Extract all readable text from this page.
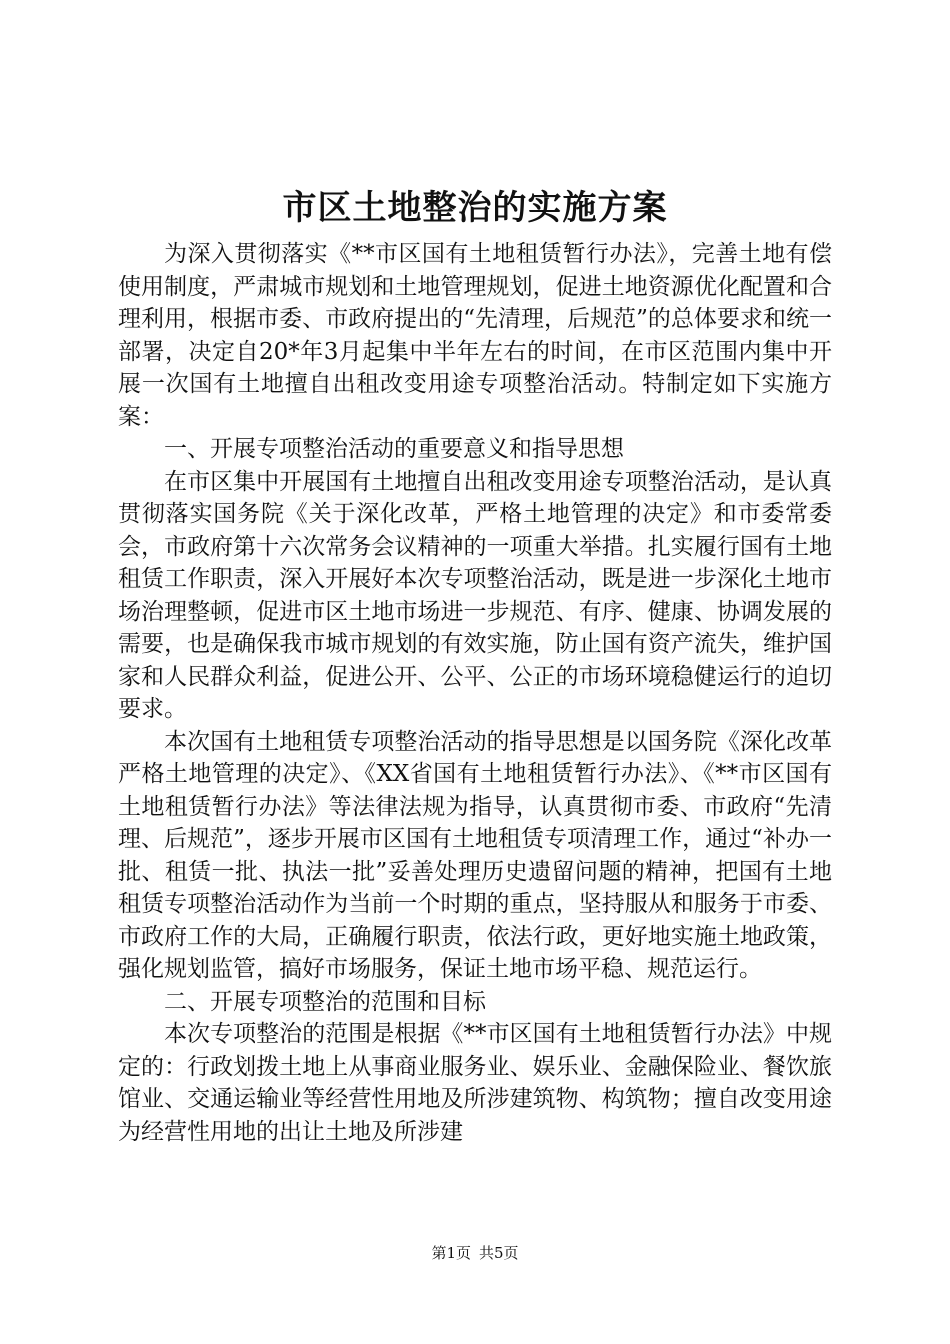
市区土地整治的实施方案

为深入贯彻落实《**市区国有土地租赁暂行办法》，完善土地有偿使用制度，严肃城市规划和土地管理规划，促进土地资源优化配置和合理利用，根据市委、市政府提出的“先清理，后规范”的总体要求和统一部署，决定自20*年3月起集中半年左右的时间，在市区范围内集中开展一次国有土地擅自出租改变用途专项整治活动。特制定如下实施方案：

一、开展专项整治活动的重要意义和指导思想

在市区集中开展国有土地擅自出租改变用途专项整治活动，是认真贯彻落实国务院《关于深化改革，严格土地管理的决定》和市委常委会，市政府第十六次常务会议精神的一项重大举措。扎实履行国有土地租赁工作职责，深入开展好本次专项整治活动，既是进一步深化土地市场治理整顿，促进市区土地市场进一步规范、有序、健康、协调发展的需要，也是确保我市城市规划的有效实施，防止国有资产流失，维护国家和人民群众利益，促进公开、公平、公正的市场环境稳健运行的迫切要求。

本次国有土地租赁专项整治活动的指导思想是以国务院《深化改革严格土地管理的决定》、《XX省国有土地租赁暂行办法》、《**市区国有土地租赁暂行办法》等法律法规为指导，认真贯彻市委、市政府“先清理、后规范”，逐步开展市区国有土地租赁专项清理工作，通过“补办一批、租赁一批、执法一批”妥善处理历史遗留问题的精神，把国有土地租赁专项整治活动作为当前一个时期的重点，坚持服从和服务于市委、市政府工作的大局，正确履行职责，依法行政，更好地实施土地政策，强化规划监管，搞好市场服务，保证土地市场平稳、规范运行。

二、开展专项整治的范围和目标

本次专项整治的范围是根据《**市区国有土地租赁暂行办法》中规定的：行政划拨土地上从事商业服务业、娱乐业、金融保险业、餐饮旅馆业、交通运输业等经营性用地及所涉建筑物、构筑物；擅自改变用途为经营性用地的出让土地及所涉建

第1页 共5页
